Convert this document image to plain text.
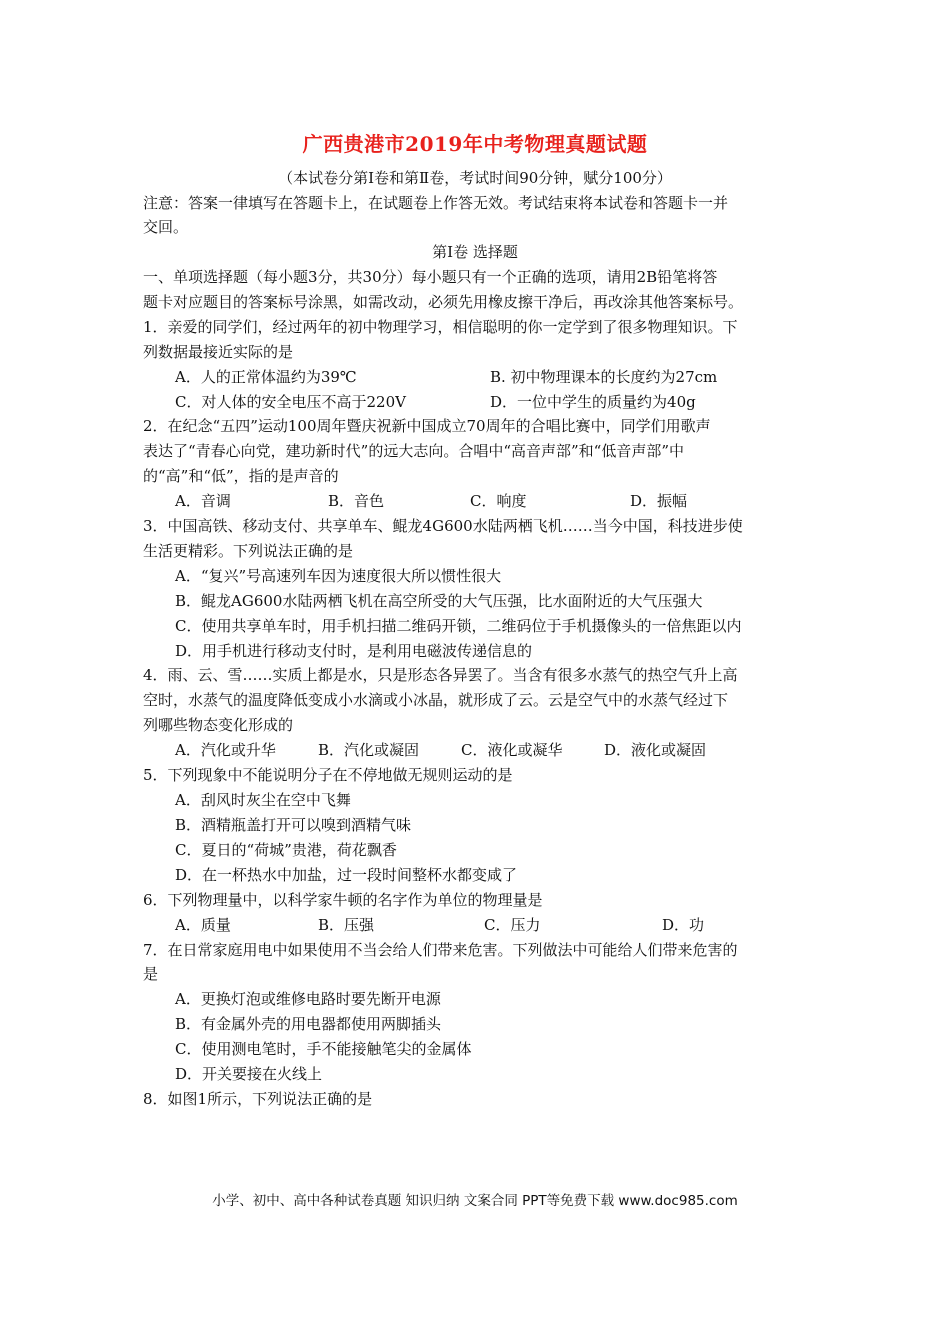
广西贵港市2019年中考物理真题试题
（本试卷分第Ⅰ卷和第Ⅱ卷，考试时间90分钟，赋分100分）
注意：答案一律填写在答题卡上，在试题卷上作答无效。考试结束将本试卷和答题卡一并
交回。
第Ⅰ卷 选择题
一、单项选择题（每小题3分，共30分）每小题只有一个正确的选项，请用2B铅笔将答
题卡对应题目的答案标号涂黑，如需改动，必须先用橡皮擦干净后，再改涂其他答案标号。
1．亲爱的同学们，经过两年的初中物理学习，相信聪明的你一定学到了很多物理知识。下
列数据最接近实际的是
A．人的正常体温约为39℃	B. 初中物理课本的长度约为27cm
C．对人体的安全电压不高于220V	D．一位中学生的质量约为40g
2．在纪念“五四”运动100周年暨庆祝新中国成立70周年的合唱比赛中，同学们用歌声
表达了“青春心向党，建功新时代”的远大志向。合唱中“高音声部”和“低音声部”中
的“高”和“低”，指的是声音的
A．音调	B．音色	C．响度	D．振幅
3．中国高铁、移动支付、共享单车、鲲龙4G600水陆两栖飞机……当今中国，科技进步使
生活更精彩。下列说法正确的是
A．“复兴”号高速列车因为速度很大所以惯性很大
B．鲲龙AG600水陆两栖飞机在高空所受的大气压强，比水面附近的大气压强大
C．使用共享单车时，用手机扫描二维码开锁，二维码位于手机摄像头的一倍焦距以内
D．用手机进行移动支付时，是利用电磁波传递信息的
4．雨、云、雪……实质上都是水，只是形态各异罢了。当含有很多水蒸气的热空气升上高
空时，水蒸气的温度降低变成小水滴或小冰晶，就形成了云。云是空气中的水蒸气经过下
列哪些物态变化形成的
A．汽化或升华	B．汽化或凝固	C．液化或凝华	D．液化或凝固
5．下列现象中不能说明分子在不停地做无规则运动的是
A．刮风时灰尘在空中飞舞
B．酒精瓶盖打开可以嗅到酒精气味
C．夏日的“荷城”贵港，荷花飘香
D．在一杯热水中加盐，过一段时间整杯水都变咸了
6．下列物理量中，以科学家牛顿的名字作为单位的物理量是
A．质量	B．压强	C．压力	D．功
7．在日常家庭用电中如果使用不当会给人们带来危害。下列做法中可能给人们带来危害的
是
A．更换灯泡或维修电路时要先断开电源
B．有金属外壳的用电器都使用两脚插头
C．使用测电笔时，手不能接触笔尖的金属体
D．开关要接在火线上
8．如图1所示，下列说法正确的是
小学、初中、高中各种试卷真题 知识归纳 文案合同 PPT等免费下载 www.doc985.com
